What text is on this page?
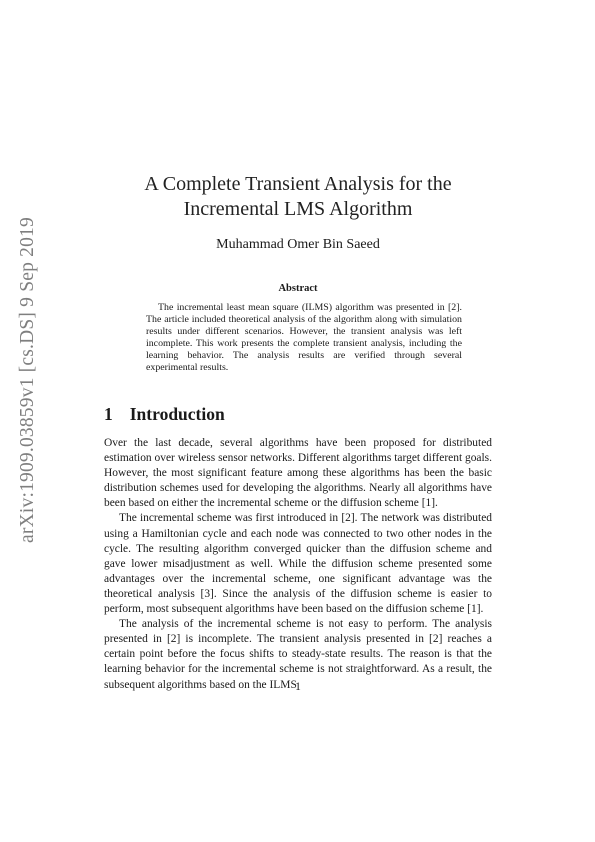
arXiv:1909.03859v1 [cs.DS] 9 Sep 2019
A Complete Transient Analysis for the Incremental LMS Algorithm
Muhammad Omer Bin Saeed
Abstract

The incremental least mean square (ILMS) algorithm was presented in [2]. The article included theoretical analysis of the algorithm along with simulation results under different scenarios. However, the transient analysis was left incomplete. This work presents the complete transient analysis, including the learning behavior. The analysis results are verified through several experimental results.

1 Introduction

Over the last decade, several algorithms have been proposed for distributed estimation over wireless sensor networks. Different algorithms target different goals. However, the most significant feature among these algorithms has been the basic distribution schemes used for developing the algorithms. Nearly all algorithms have been based on either the incremental scheme or the diffusion scheme [1].

The incremental scheme was first introduced in [2]. The network was distributed using a Hamiltonian cycle and each node was connected to two other nodes in the cycle. The resulting algorithm converged quicker than the diffusion scheme and gave lower misadjustment as well. While the diffusion scheme presented some advantages over the incremental scheme, one significant advantage was the theoretical analysis [3]. Since the analysis of the diffusion scheme is easier to perform, most subsequent algorithms have been based on the diffusion scheme [1].

The analysis of the incremental scheme is not easy to perform. The analysis presented in [2] is incomplete. The transient analysis presented in [2] reaches a certain point before the focus shifts to steady-state results. The reason is that the learning behavior for the incremental scheme is not straightforward. As a result, the subsequent algorithms based on the ILMS

1
